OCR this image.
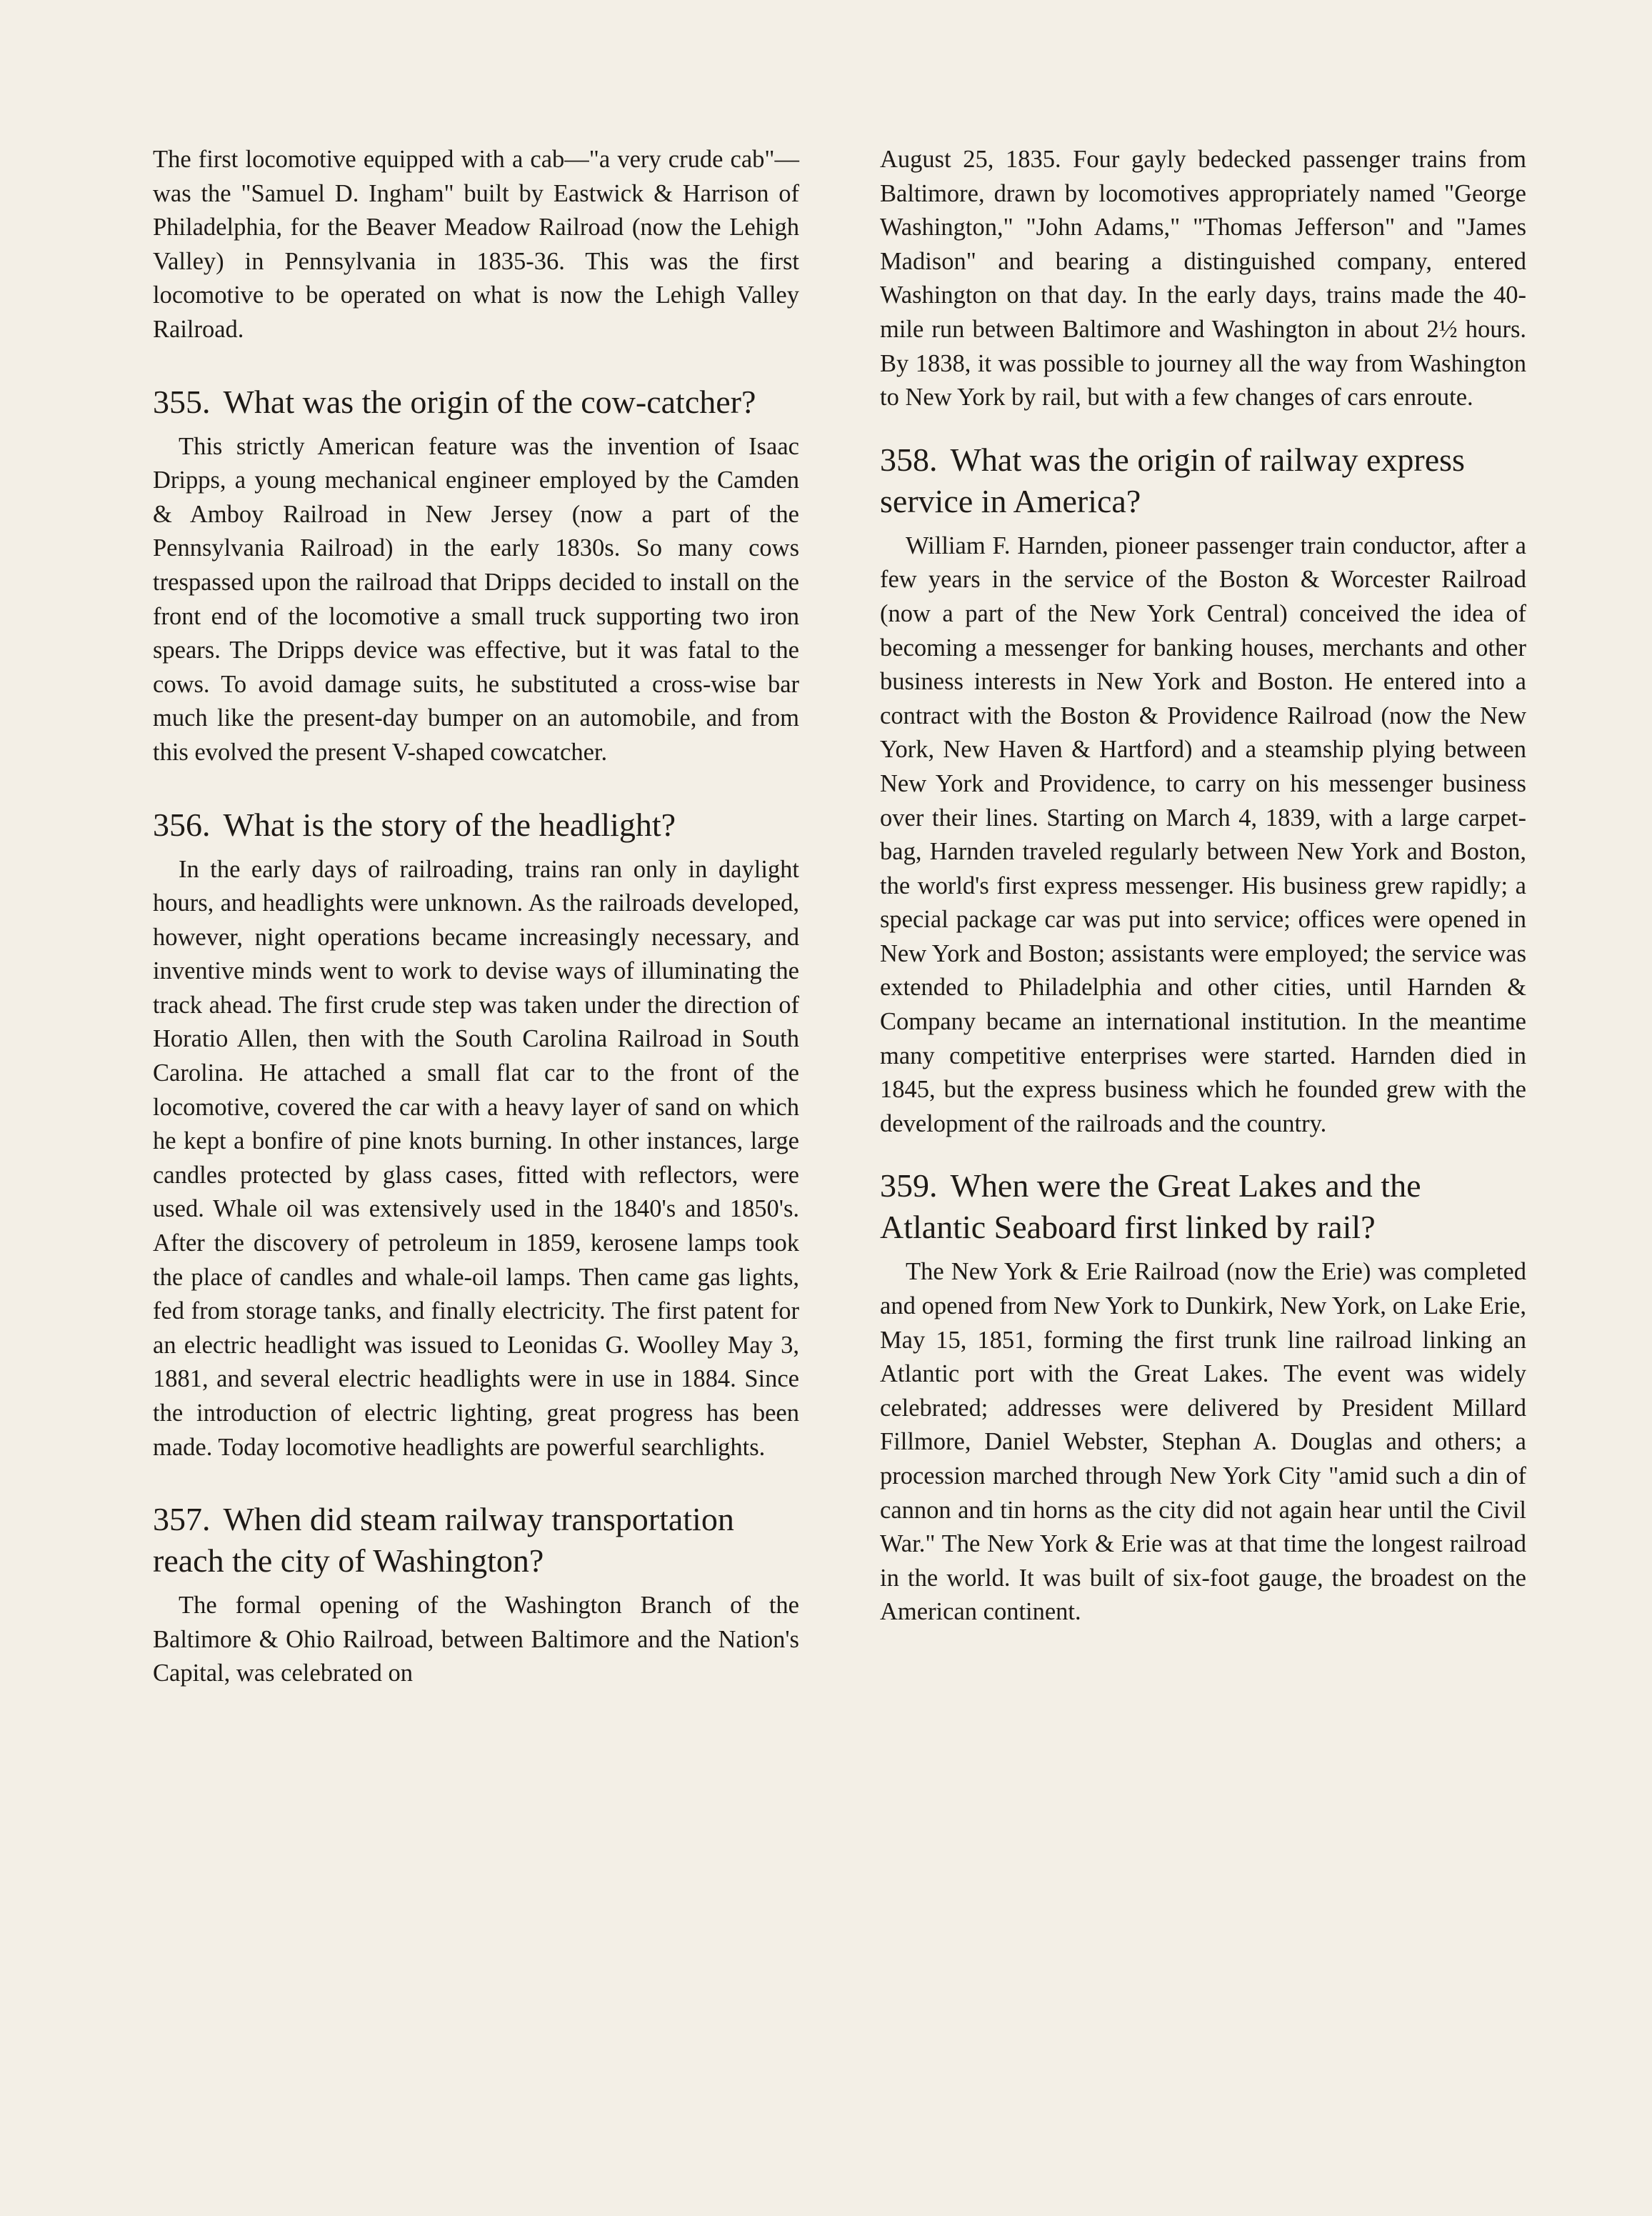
The first locomotive equipped with a cab—"a very crude cab"—was the "Samuel D. Ingham" built by Eastwick & Harrison of Philadelphia, for the Beaver Meadow Railroad (now the Lehigh Valley) in Pennsylvania in 1835-36. This was the first locomotive to be operated on what is now the Lehigh Valley Railroad.

355. What was the origin of the cow-catcher?

This strictly American feature was the invention of Isaac Dripps, a young mechanical engineer employed by the Camden & Amboy Railroad in New Jersey (now a part of the Pennsylvania Railroad) in the early 1830s. So many cows trespassed upon the railroad that Dripps decided to install on the front end of the locomotive a small truck supporting two iron spears. The Dripps device was effective, but it was fatal to the cows. To avoid damage suits, he substituted a cross-wise bar much like the present-day bumper on an automobile, and from this evolved the present V-shaped cowcatcher.

356. What is the story of the headlight?

In the early days of railroading, trains ran only in daylight hours, and headlights were unknown. As the railroads developed, however, night operations became increasingly necessary, and inventive minds went to work to devise ways of illuminating the track ahead. The first crude step was taken under the direction of Horatio Allen, then with the South Carolina Railroad in South Carolina. He attached a small flat car to the front of the locomotive, covered the car with a heavy layer of sand on which he kept a bonfire of pine knots burning. In other instances, large candles protected by glass cases, fitted with reflectors, were used. Whale oil was extensively used in the 1840's and 1850's. After the discovery of petroleum in 1859, kerosene lamps took the place of candles and whale-oil lamps. Then came gas lights, fed from storage tanks, and finally electricity. The first patent for an electric headlight was issued to Leonidas G. Woolley May 3, 1881, and several electric headlights were in use in 1884. Since the introduction of electric lighting, great progress has been made. Today locomotive headlights are powerful searchlights.

357. When did steam railway transportation reach the city of Washington?

The formal opening of the Washington Branch of the Baltimore & Ohio Railroad, between Baltimore and the Nation's Capital, was celebrated on

August 25, 1835. Four gayly bedecked passenger trains from Baltimore, drawn by locomotives appropriately named "George Washington," "John Adams," "Thomas Jefferson" and "James Madison" and bearing a distinguished company, entered Washington on that day. In the early days, trains made the 40-mile run between Baltimore and Washington in about 2½ hours. By 1838, it was possible to journey all the way from Washington to New York by rail, but with a few changes of cars enroute.

358. What was the origin of railway express service in America?

William F. Harnden, pioneer passenger train conductor, after a few years in the service of the Boston & Worcester Railroad (now a part of the New York Central) conceived the idea of becoming a messenger for banking houses, merchants and other business interests in New York and Boston. He entered into a contract with the Boston & Providence Railroad (now the New York, New Haven & Hartford) and a steamship plying between New York and Providence, to carry on his messenger business over their lines. Starting on March 4, 1839, with a large carpet-bag, Harnden traveled regularly between New York and Boston, the world's first express messenger. His business grew rapidly; a special package car was put into service; offices were opened in New York and Boston; assistants were employed; the service was extended to Philadelphia and other cities, until Harnden & Company became an international institution. In the meantime many competitive enterprises were started. Harnden died in 1845, but the express business which he founded grew with the development of the railroads and the country.

359. When were the Great Lakes and the Atlantic Seaboard first linked by rail?

The New York & Erie Railroad (now the Erie) was completed and opened from New York to Dunkirk, New York, on Lake Erie, May 15, 1851, forming the first trunk line railroad linking an Atlantic port with the Great Lakes. The event was widely celebrated; addresses were delivered by President Millard Fillmore, Daniel Webster, Stephan A. Douglas and others; a procession marched through New York City "amid such a din of cannon and tin horns as the city did not again hear until the Civil War." The New York & Erie was at that time the longest railroad in the world. It was built of six-foot gauge, the broadest on the American continent.
